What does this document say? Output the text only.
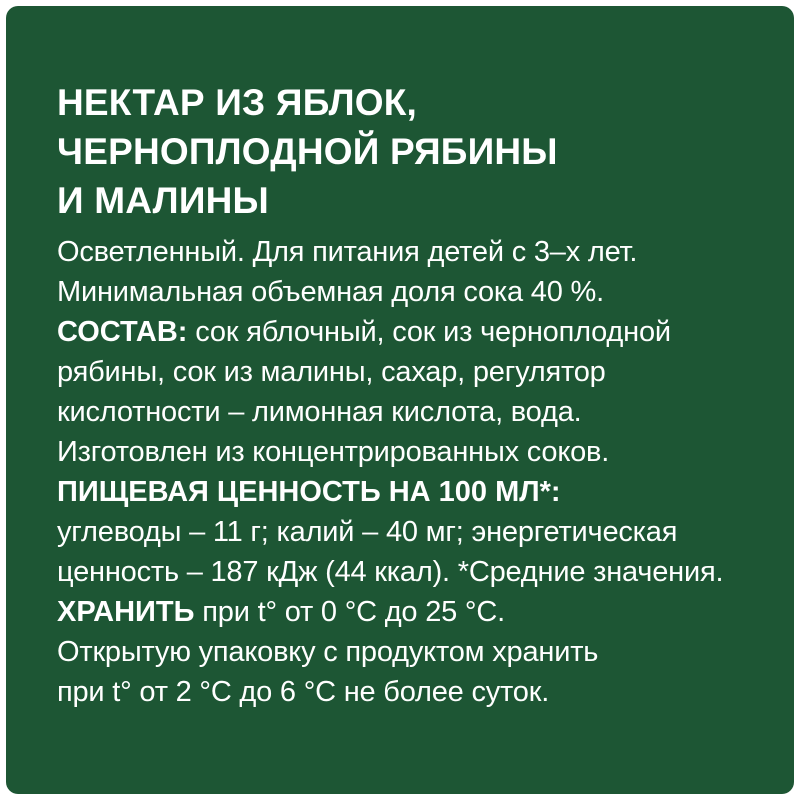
НЕКТАР ИЗ ЯБЛОК,
ЧЕРНОПЛОДНОЙ РЯБИНЫ
И МАЛИНЫ
Осветленный. Для питания детей с 3–х лет.
Минимальная объемная доля сока 40 %.
СОСТАВ: сок яблочный, сок из черноплодной
рябины, сок из малины, сахар, регулятор
кислотности – лимонная кислота, вода.
Изготовлен из концентрированных соков.
ПИЩЕВАЯ ЦЕННОСТЬ НА 100 МЛ*:
углеводы – 11 г; калий – 40 мг; энергетическая
ценность – 187 кДж (44 ккал). *Средние значения.
ХРАНИТЬ при t° от 0 °С до 25 °С.
Открытую упаковку с продуктом хранить
при t° от 2 °С до 6 °С не более суток.
